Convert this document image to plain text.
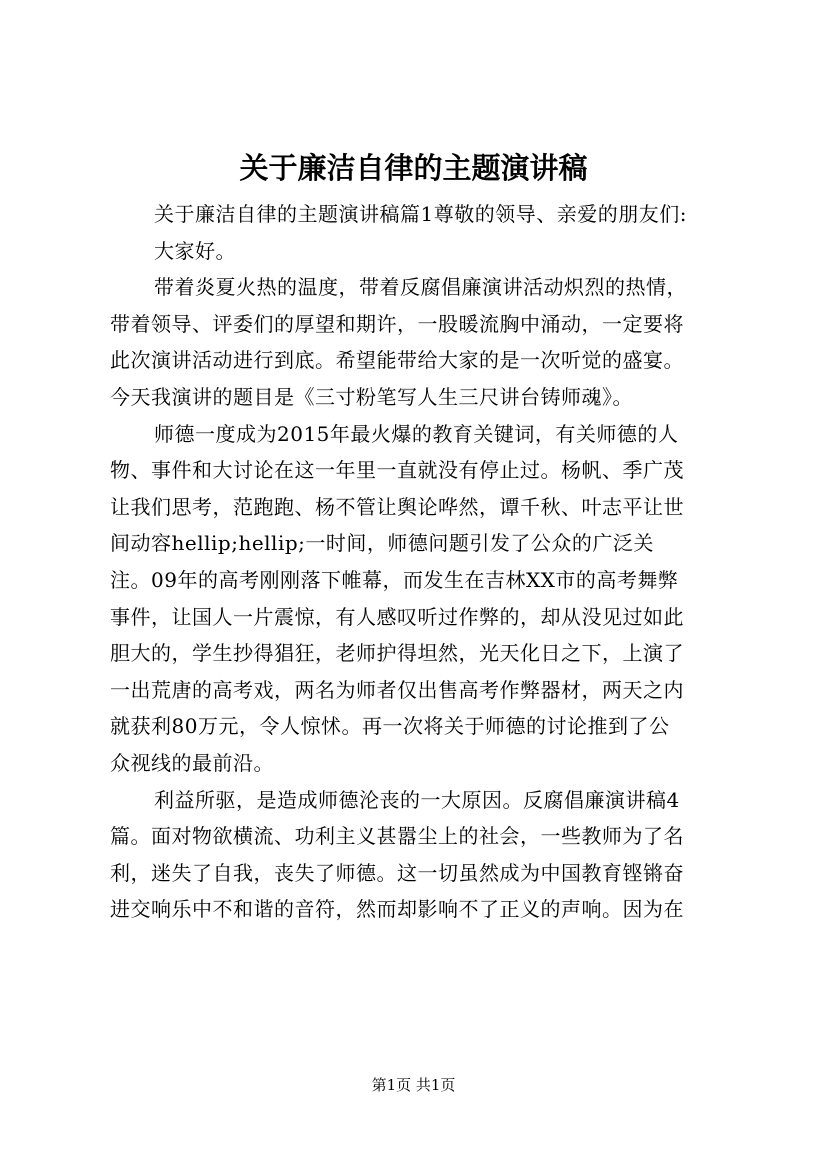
关于廉洁自律的主题演讲稿
关于廉洁自律的主题演讲稿篇1尊敬的领导、亲爱的朋友们:
大家好。
带着炎夏火热的温度，带着反腐倡廉演讲活动炽烈的热情，
带着领导、评委们的厚望和期许，一股暖流胸中涌动，一定要将
此次演讲活动进行到底。希望能带给大家的是一次听觉的盛宴。
今天我演讲的题目是《三寸粉笔写人生三尺讲台铸师魂》。
师德一度成为2015年最火爆的教育关键词，有关师德的人
物、事件和大讨论在这一年里一直就没有停止过。杨帆、季广茂
让我们思考，范跑跑、杨不管让舆论哗然，谭千秋、叶志平让世
间动容hellip;hellip;一时间，师德问题引发了公众的广泛关
注。09年的高考刚刚落下帷幕，而发生在吉林XX市的高考舞弊
事件，让国人一片震惊，有人感叹听过作弊的，却从没见过如此
胆大的，学生抄得猖狂，老师护得坦然，光天化日之下，上演了
一出荒唐的高考戏，两名为师者仅出售高考作弊器材，两天之内
就获利80万元，令人惊怵。再一次将关于师德的讨论推到了公
众视线的最前沿。
利益所驱，是造成师德沦丧的一大原因。反腐倡廉演讲稿4
篇。面对物欲横流、功利主义甚嚣尘上的社会，一些教师为了名
利，迷失了自我，丧失了师德。这一切虽然成为中国教育铿锵奋
进交响乐中不和谐的音符，然而却影响不了正义的声响。因为在
第1页 共1页
